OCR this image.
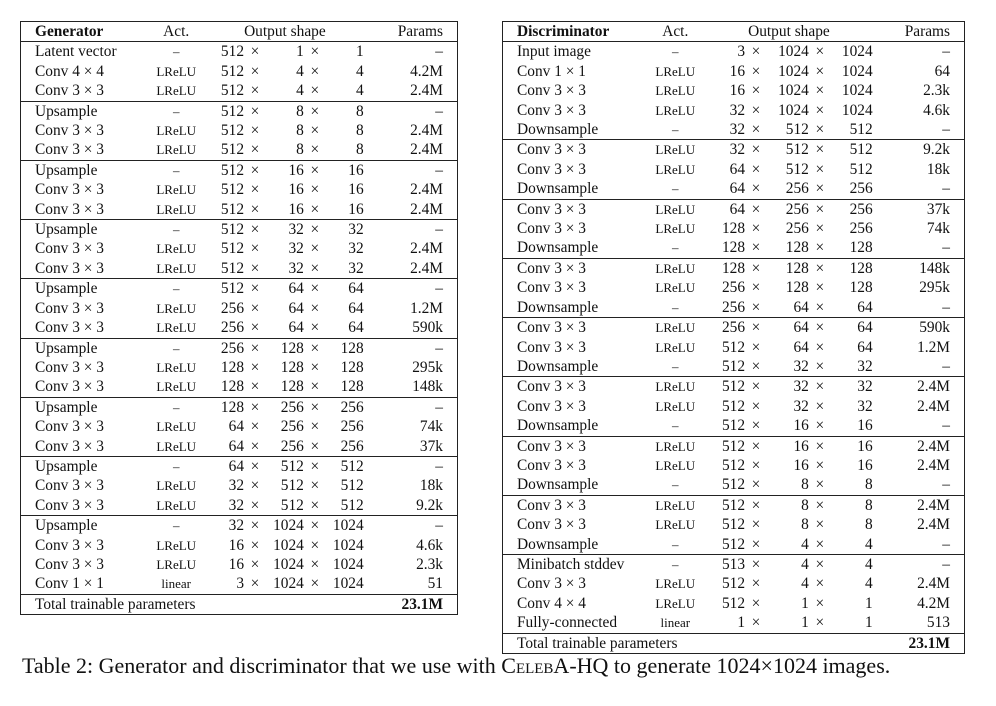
Generator	Act.	Output shape					Params
Latent vector	–	512	×	1	×	1	–
Conv 4 × 4	LReLU	512	×	4	×	4	4.2M
Conv 3 × 3	LReLU	512	×	4	×	4	2.4M
Upsample	–	512	×	8	×	8	–
Conv 3 × 3	LReLU	512	×	8	×	8	2.4M
Conv 3 × 3	LReLU	512	×	8	×	8	2.4M
Upsample	–	512	×	16	×	16	–
Conv 3 × 3	LReLU	512	×	16	×	16	2.4M
Conv 3 × 3	LReLU	512	×	16	×	16	2.4M
Upsample	–	512	×	32	×	32	–
Conv 3 × 3	LReLU	512	×	32	×	32	2.4M
Conv 3 × 3	LReLU	512	×	32	×	32	2.4M
Upsample	–	512	×	64	×	64	–
Conv 3 × 3	LReLU	256	×	64	×	64	1.2M
Conv 3 × 3	LReLU	256	×	64	×	64	590k
Upsample	–	256	×	128	×	128	–
Conv 3 × 3	LReLU	128	×	128	×	128	295k
Conv 3 × 3	LReLU	128	×	128	×	128	148k
Upsample	–	128	×	256	×	256	–
Conv 3 × 3	LReLU	64	×	256	×	256	74k
Conv 3 × 3	LReLU	64	×	256	×	256	37k
Upsample	–	64	×	512	×	512	–
Conv 3 × 3	LReLU	32	×	512	×	512	18k
Conv 3 × 3	LReLU	32	×	512	×	512	9.2k
Upsample	–	32	×	1024	×	1024	–
Conv 3 × 3	LReLU	16	×	1024	×	1024	4.6k
Conv 3 × 3	LReLU	16	×	1024	×	1024	2.3k
Conv 1 × 1	linear	3	×	1024	×	1024	51
Total trainable parameters							23.1M
Discriminator	Act.	Output shape					Params
Input image	–	3	×	1024	×	1024	–
Conv 1 × 1	LReLU	16	×	1024	×	1024	64
Conv 3 × 3	LReLU	16	×	1024	×	1024	2.3k
Conv 3 × 3	LReLU	32	×	1024	×	1024	4.6k
Downsample	–	32	×	512	×	512	–
Conv 3 × 3	LReLU	32	×	512	×	512	9.2k
Conv 3 × 3	LReLU	64	×	512	×	512	18k
Downsample	–	64	×	256	×	256	–
Conv 3 × 3	LReLU	64	×	256	×	256	37k
Conv 3 × 3	LReLU	128	×	256	×	256	74k
Downsample	–	128	×	128	×	128	–
Conv 3 × 3	LReLU	128	×	128	×	128	148k
Conv 3 × 3	LReLU	256	×	128	×	128	295k
Downsample	–	256	×	64	×	64	–
Conv 3 × 3	LReLU	256	×	64	×	64	590k
Conv 3 × 3	LReLU	512	×	64	×	64	1.2M
Downsample	–	512	×	32	×	32	–
Conv 3 × 3	LReLU	512	×	32	×	32	2.4M
Conv 3 × 3	LReLU	512	×	32	×	32	2.4M
Downsample	–	512	×	16	×	16	–
Conv 3 × 3	LReLU	512	×	16	×	16	2.4M
Conv 3 × 3	LReLU	512	×	16	×	16	2.4M
Downsample	–	512	×	8	×	8	–
Conv 3 × 3	LReLU	512	×	8	×	8	2.4M
Conv 3 × 3	LReLU	512	×	8	×	8	2.4M
Downsample	–	512	×	4	×	4	–
Minibatch stddev	–	513	×	4	×	4	–
Conv 3 × 3	LReLU	512	×	4	×	4	2.4M
Conv 4 × 4	LReLU	512	×	1	×	1	4.2M
Fully-connected	linear	1	×	1	×	1	513
Total trainable parameters							23.1M
Table 2: Generator and discriminator that we use with CelebA-HQ to generate 1024×1024 images.
